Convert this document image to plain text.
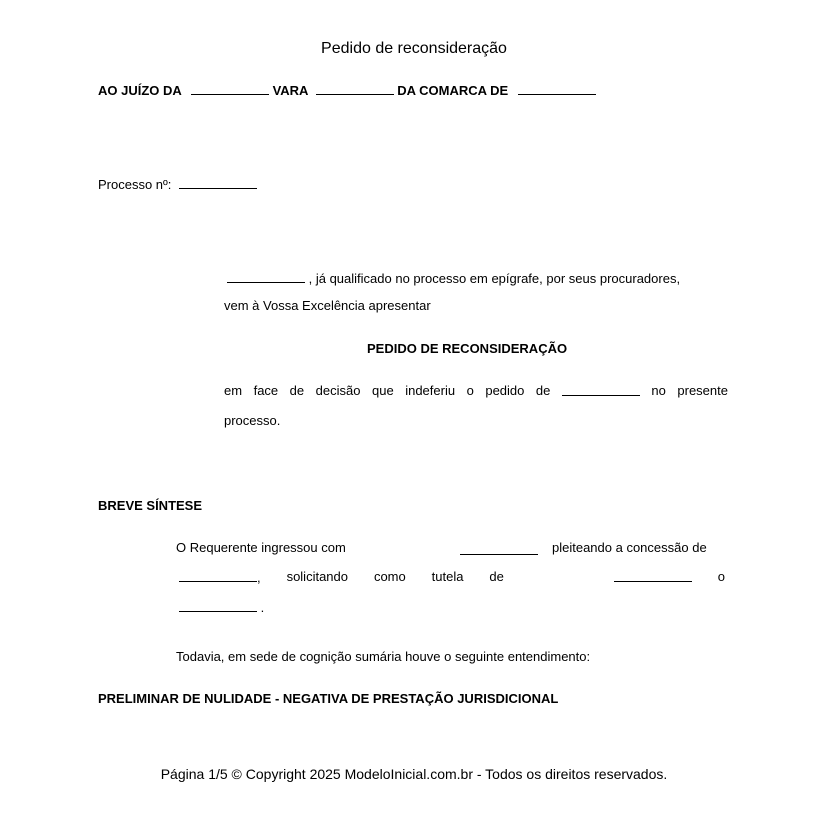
Pedido de reconsideração
AO JUÍZO DA	VARA	DA COMARCA DE
Processo nº:
, já qualificado no processo em epígrafe, por seus procuradores,
vem à Vossa Excelência apresentar
PEDIDO DE RECONSIDERAÇÃO
em face de decisão que indeferiu o pedido de	no presente
processo.
BREVE SÍNTESE
O Requerente ingressou com	pleiteando a concessão de
, solicitando como tutela de	o
.
Todavia, em sede de cognição sumária houve o seguinte entendimento:
PRELIMINAR DE NULIDADE - NEGATIVA DE PRESTAÇÃO JURISDICIONAL
Página 1/5 © Copyright 2025 ModeloInicial.com.br - Todos os direitos reservados.
